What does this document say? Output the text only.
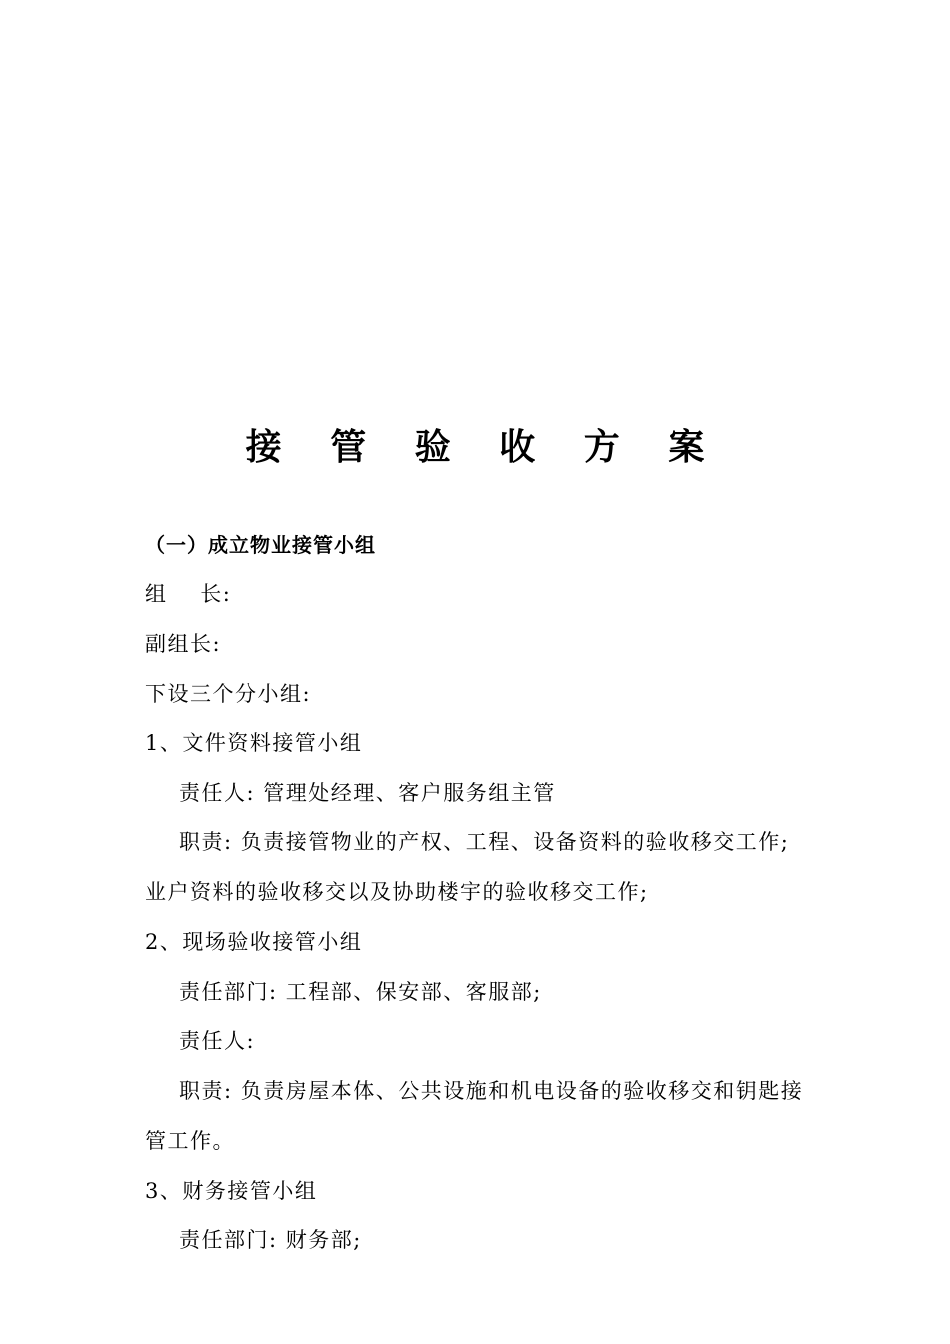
接 管 验 收 方 案
（一）成立物业接管小组
组    长:
副组长:
下设三个分小组:
1、文件资料接管小组
责任人: 管理处经理、客户服务组主管
职责: 负责接管物业的产权、工程、设备资料的验收移交工作;
业户资料的验收移交以及协助楼宇的验收移交工作;
2、现场验收接管小组
责任部门: 工程部、保安部、客服部;
责任人:
职责: 负责房屋本体、公共设施和机电设备的验收移交和钥匙接
管工作。
3、财务接管小组
责任部门: 财务部;
